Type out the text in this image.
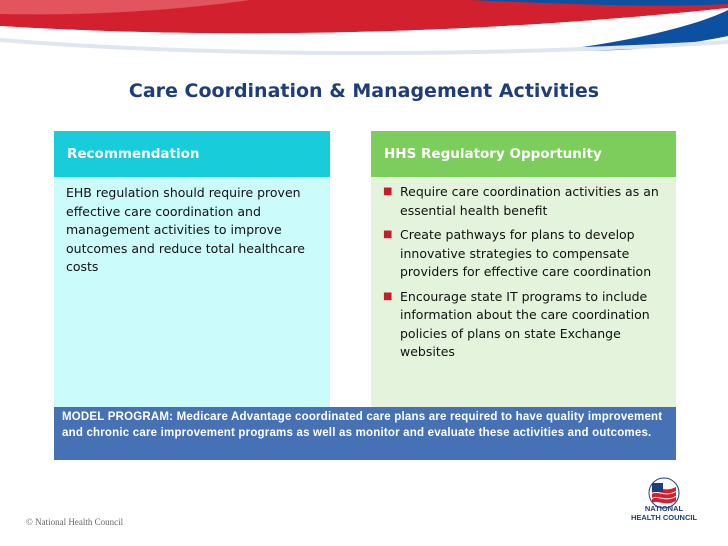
Care Coordination & Management Activities
Recommendation
EHB regulation should require proven effective care coordination and management activities to improve outcomes and reduce total healthcare costs
HHS Regulatory Opportunity
■ Require care coordination activities as an essential health benefit
■ Create pathways for plans to develop innovative strategies to compensate providers for effective care coordination
■ Encourage state IT programs to include information about the care coordination policies of plans on state Exchange websites
MODEL PROGRAM: Medicare Advantage coordinated care plans are required to have quality improvement and chronic care improvement programs as well as monitor and evaluate these activities and outcomes.
© National Health Council
NATIONAL
HEALTH COUNCIL
